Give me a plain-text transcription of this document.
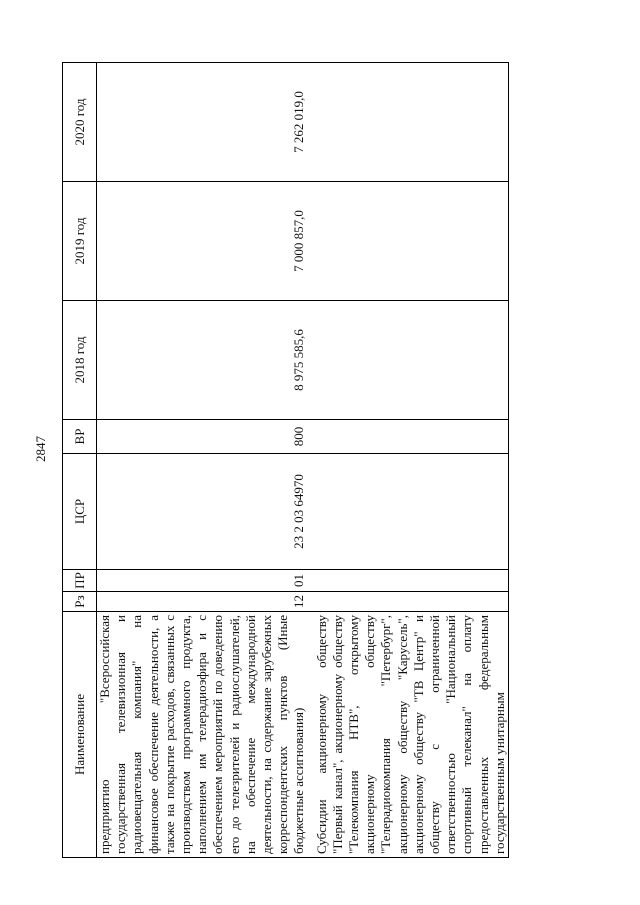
2847
Наименование	Рз	ПР	ЦСР	ВР	2018 год	2019 год	2020 год
предприятию "Всероссийская государственная телевизионная и радиовещательная компания" на финансовое обеспечение деятельности, а также на покрытие расходов, связанных с производством программного продукта, наполнением им телерадиоэфира и с обеспечением мероприятий по доведению его до телезрителей и радиослушателей, на обеспечение международной деятельности, на содержание зарубежных корреспондентских пунктов (Иные бюджетные ассигнования)	12	01	23 2 03 64970	800	8 975 585,6	7 000 857,0	7 262 019,0
Субсидии акционерному обществу "Первый канал", акционерному обществу "Телекомпания НТВ", открытому акционерному обществу "Телерадиокомпания "Петербург", акционерному обществу "Карусель", акционерному обществу "ТВ Центр" и обществу с ограниченной ответственностью "Национальный спортивный телеканал" на оплату предоставленных федеральным государственным унитарным							
